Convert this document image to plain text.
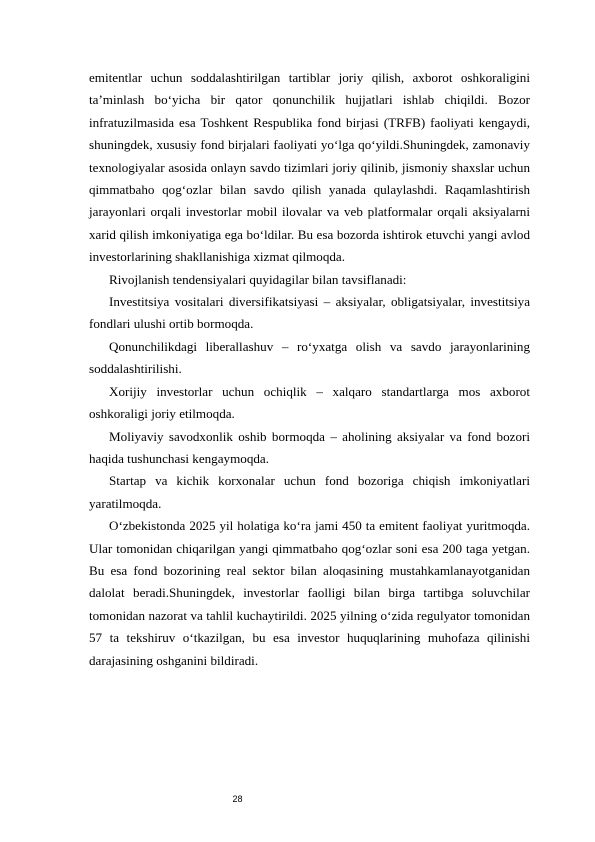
emitentlar uchun soddalashtirilgan tartiblar joriy qilish, axborot oshkoraligini ta’minlash bo‘yicha bir qator qonunchilik hujjatlari ishlab chiqildi. Bozor infratuzilmasida esa Toshkent Respublika fond birjasi (TRFB) faoliyati kengaydi, shuningdek, xususiy fond birjalari faoliyati yo‘lga qo‘yildi.Shuningdek, zamonaviy texnologiyalar asosida onlayn savdo tizimlari joriy qilinib, jismoniy shaxslar uchun qimmatbaho qog‘ozlar bilan savdo qilish yanada qulaylashdi. Raqamlashtirish jarayonlari orqali investorlar mobil ilovalar va veb platformalar orqali aksiyalarni xarid qilish imkoniyatiga ega bo‘ldilar. Bu esa bozorda ishtirok etuvchi yangi avlod investorlarining shakllanishiga xizmat qilmoqda.

Rivojlanish tendensiyalari quyidagilar bilan tavsiflanadi:

Investitsiya vositalari diversifikatsiyasi – aksiyalar, obligatsiyalar, investitsiya fondlari ulushi ortib bormoqda.

Qonunchilikdagi liberallashuv – ro‘yxatga olish va savdo jarayonlarining soddalashtirilishi.

Xorijiy investorlar uchun ochiqlik – xalqaro standartlarga mos axborot oshkoraligi joriy etilmoqda.

Moliyaviy savodxonlik oshib bormoqda – aholining aksiyalar va fond bozori haqida tushunchasi kengaymoqda.

Startap va kichik korxonalar uchun fond bozoriga chiqish imkoniyatlari yaratilmoqda.

O‘zbekistonda 2025 yil holatiga ko‘ra jami 450 ta emitent faoliyat yuritmoqda. Ular tomonidan chiqarilgan yangi qimmatbaho qog‘ozlar soni esa 200 taga yetgan. Bu esa fond bozorining real sektor bilan aloqasining mustahkamlanayotganidan dalolat beradi.Shuningdek, investorlar faolligi bilan birga tartibga soluvchilar tomonidan nazorat va tahlil kuchaytirildi. 2025 yilning o‘zida regulyator tomonidan 57 ta tekshiruv o‘tkazilgan, bu esa investor huquqlarining muhofaza qilinishi darajasining oshganini bildiradi.

28
